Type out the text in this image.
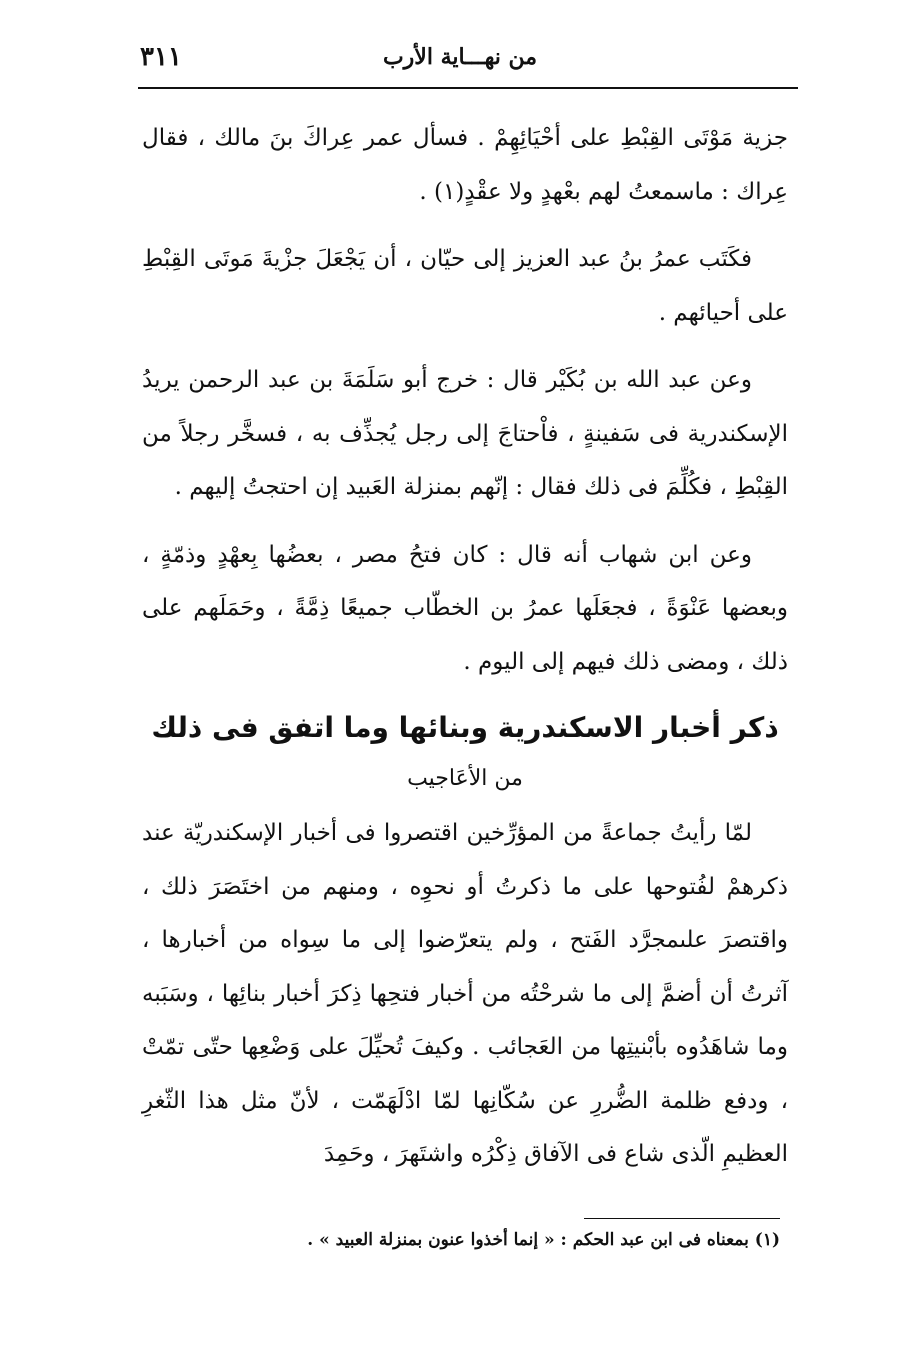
٣١١	من نهـــاية الأرب

جزية مَوْتَى القِبْطِ على أحْيَائِهِمْ . فسأل عمر عِراكَ بنَ مالك ، فقال عِراك : ماسمعتُ لهم بعْهدٍ ولا عقْدٍ(١) .

فكَتَب عمرُ بنُ عبد العزيز إلى حيّان ، أن يَجْعَلَ جزْيةَ مَوتَى القِبْطِ على أحيائهم .

وعن عبد الله بن بُكَيْر قال : خرج أبو سَلَمَةَ بن عبد الرحمن يريدُ الإسكندرية فى سَفينةٍ ، فاْحتاجَ إلى رجل يُجذِّف به ، فسخَّر رجلاً من القِبْطِ ، فكُلِّمَ فى ذلك فقال : إنّهم بمنزلة العَبيد إن احتجتُ إليهم .

وعن ابن شهاب أنه قال : كان فتحُ مصر ، بعضُها بِعهْدٍ وذمّةٍ ، وبعضها عَنْوَةً ، فجعَلَها عمرُ بن الخطّاب جميعًا ذِمَّةً ، وحَمَلَهم على ذلك ، ومضى ذلك فيهم إلى اليوم .

ذكر أخبار الاسكندرية وبنائها وما اتفق فى ذلك
من الأعَاجيب

لمّا رأيتُ جماعةً من المؤرِّخين اقتصروا فى أخبار الإسكندريّة عند ذكرهمْ لفُتوحها على ما ذكرتُ أو نحوِه ، ومنهم من اختَصَرَ ذلك ، واقتصرَ علىمجرَّد الفَتح ، ولم يتعرّضوا إلى ما سِواه من أخبارها ، آثرتُ أن أضمَّ إلى ما شرحْتُه من أخبار فتحِها ذِكرَ أخبار بنائِها ، وسَبَبه وما شاهَدُوه بأبْنيتِها من العَجائب . وكيفَ تُحيِّلَ على وَضْعِها حتّى تمّتْ ، ودفع ظلمة الضُّررِ عن سُكّانِها لمّا ادْلَهَمّت ، لأنّ مثل هذا الثّغرِ العظيمِ الّذى شاع فى الآفاق ذِكْرُه واشتَهرَ ، وحَمِدَ

(١) بمعناه فى ابن عبد الحكم : « إنما أخذوا عنون بمنزلة العبيد » .
